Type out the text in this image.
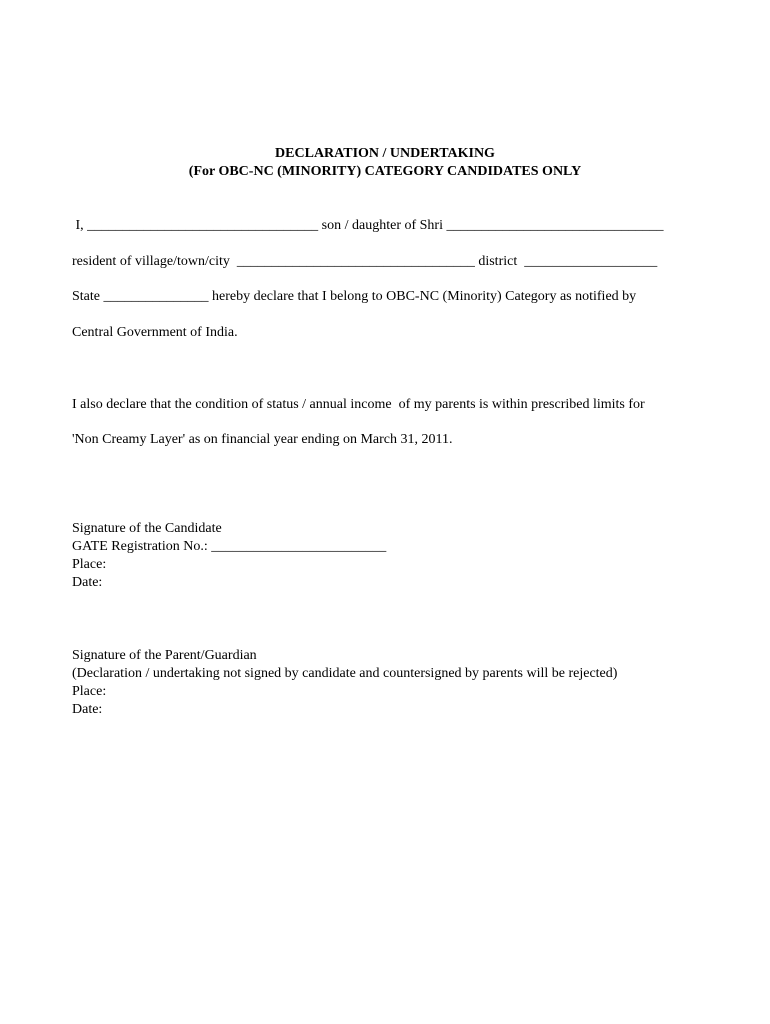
DECLARATION / UNDERTAKING
(For OBC-NC (MINORITY) CATEGORY CANDIDATES ONLY
I, _________________________________ son / daughter of Shri _______________________________
resident of village/town/city  __________________________________ district  ___________________
State _______________ hereby declare that I belong to OBC-NC (Minority) Category as notified by
Central Government of India.
I also declare that the condition of status / annual income  of my parents is within prescribed limits for
'Non Creamy Layer' as on financial year ending on March 31, 2011.
Signature of the Candidate
GATE Registration No.: _________________________
Place:
Date:
Signature of the Parent/Guardian
(Declaration / undertaking not signed by candidate and countersigned by parents will be rejected)
Place:
Date:
